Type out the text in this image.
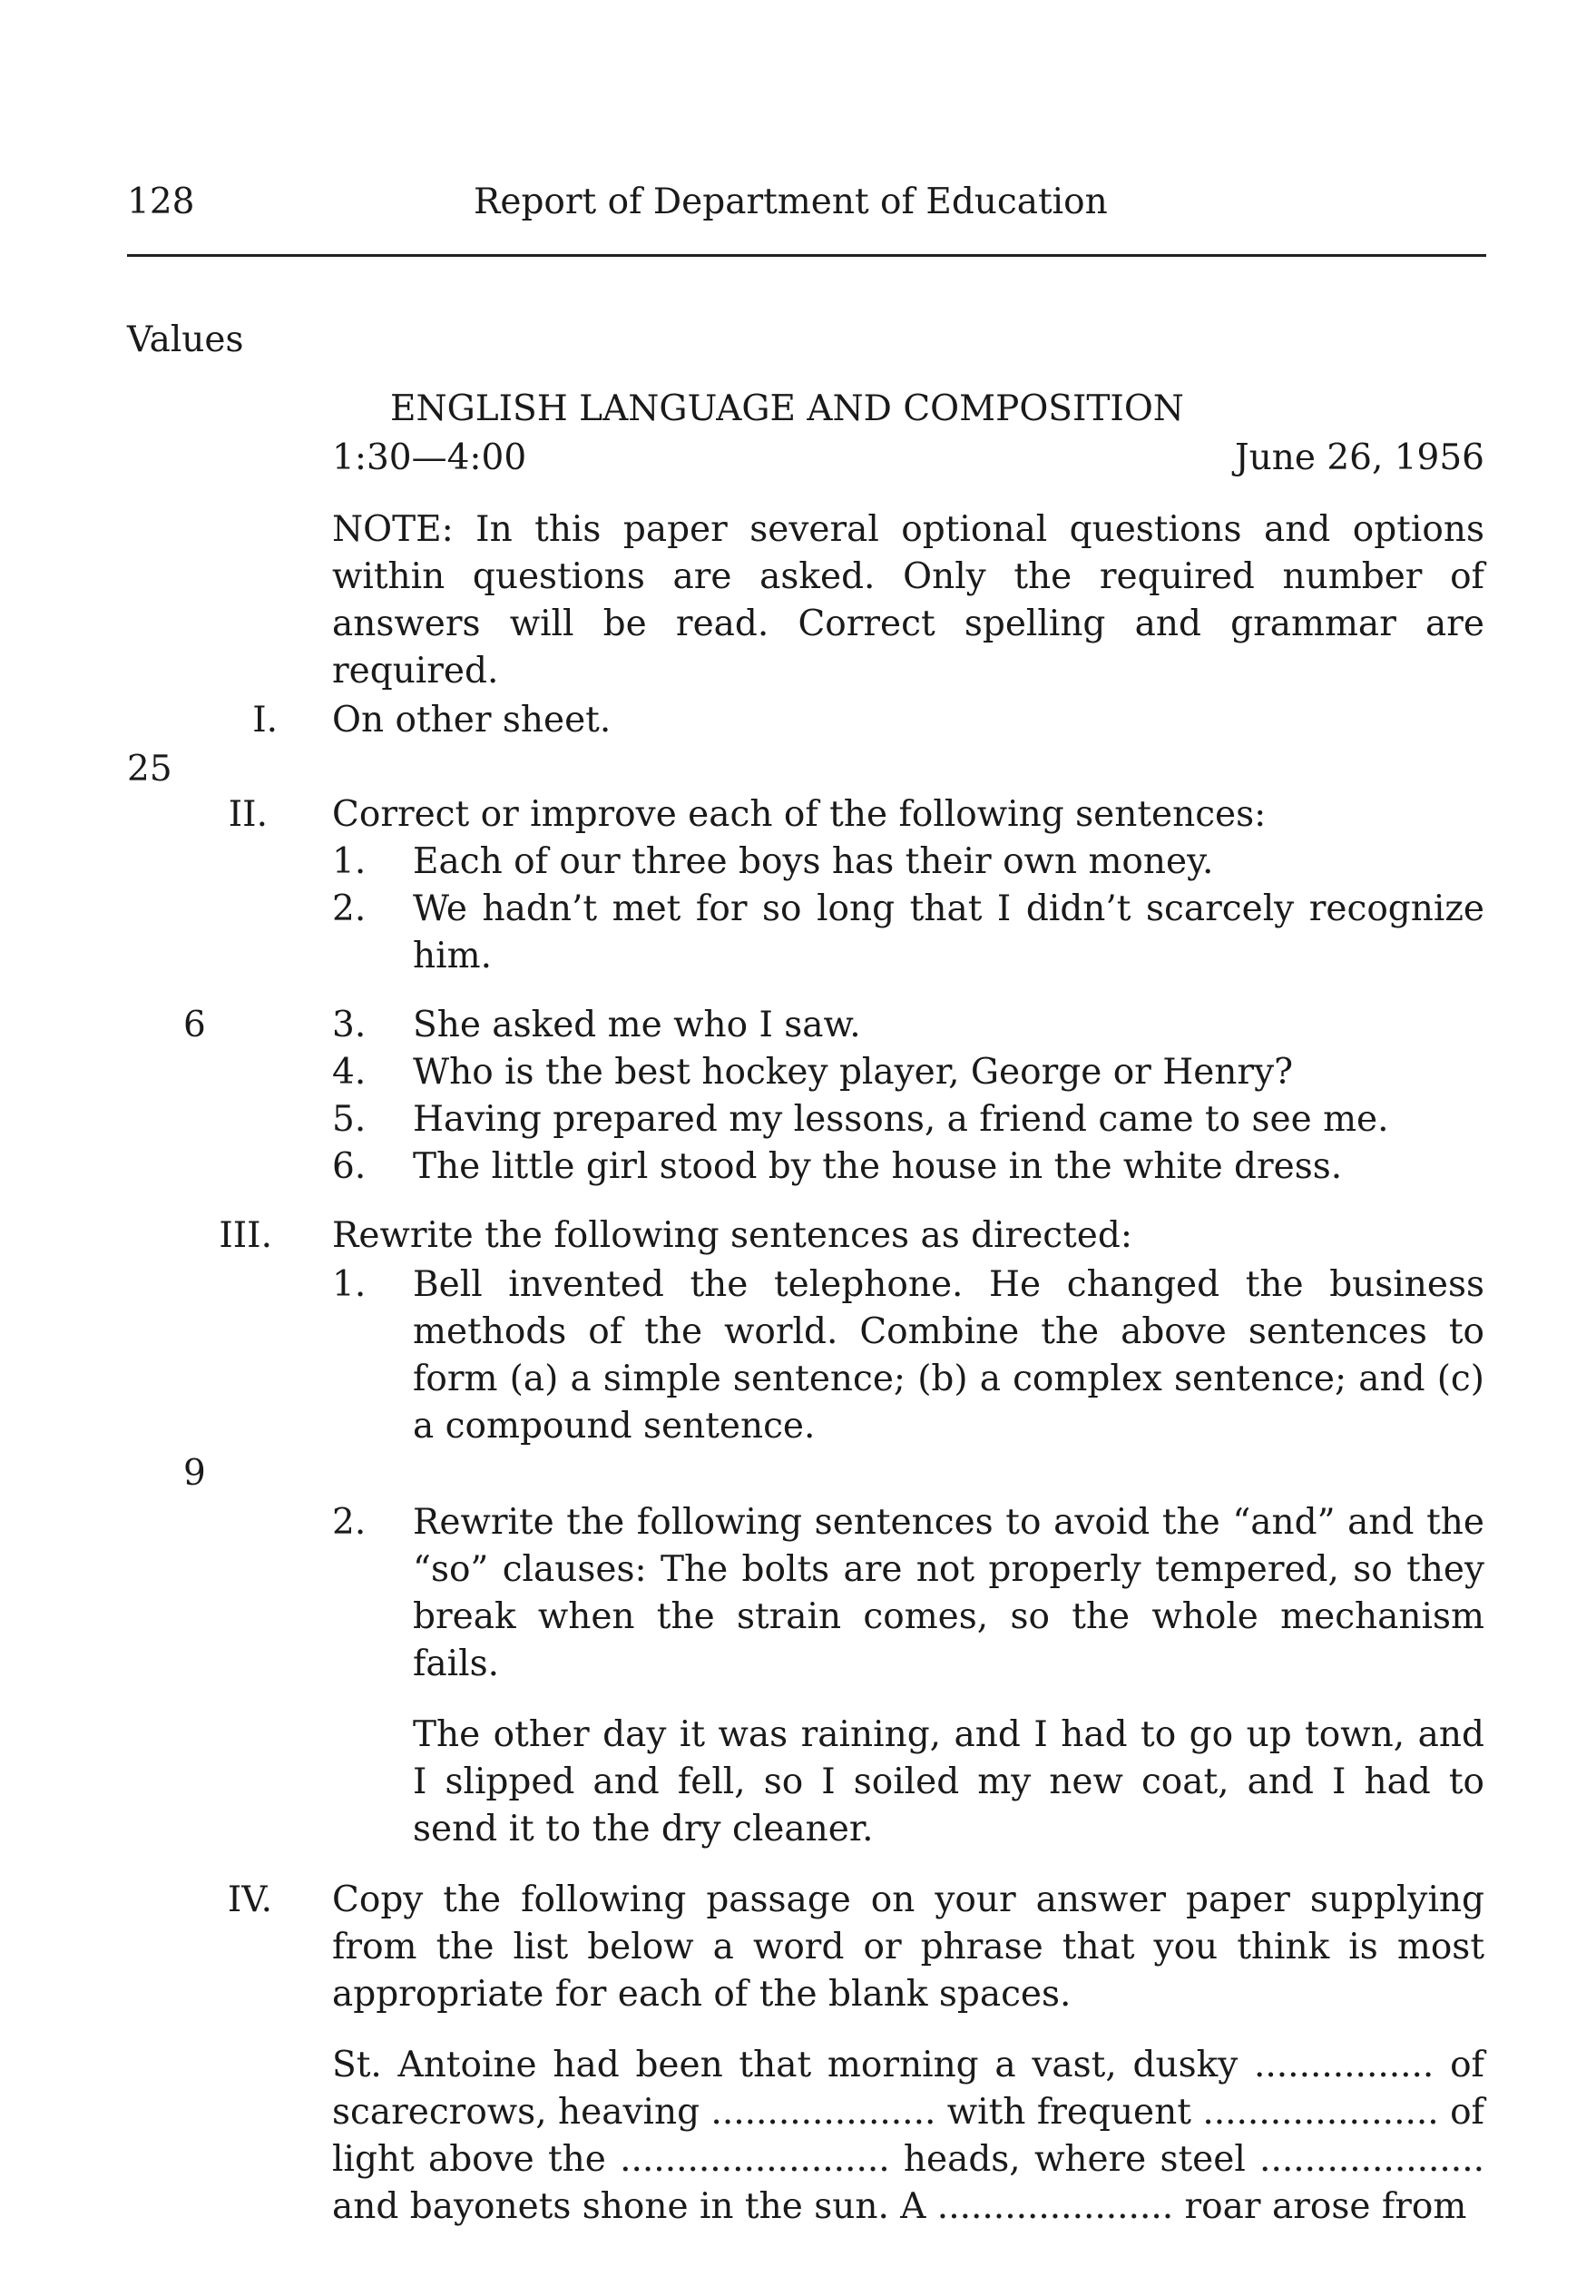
128	Report of Department of Education
Values
ENGLISH LANGUAGE AND COMPOSITION
1:30—4:00	June 26, 1956
NOTE: In this paper several optional questions and options within questions are asked. Only the required number of answers will be read. Correct spelling and grammar are required.
I. On other sheet.
25
II. Correct or improve each of the following sentences:
1.	Each of our three boys has their own money.
2.	We hadn’t met for so long that I didn’t scarcely recognize him.
6	3.	She asked me who I saw.
4.	Who is the best hockey player, George or Henry?
5.	Having prepared my lessons, a friend came to see me.
6.	The little girl stood by the house in the white dress.
III. Rewrite the following sentences as directed:
1.	Bell invented the telephone. He changed the business methods of the world. Combine the above sentences to form (a) a simple sentence; (b) a complex sentence; and (c) a compound sentence.
9
2.	Rewrite the following sentences to avoid the “and” and the “so” clauses: The bolts are not properly tempered, so they break when the strain comes, so the whole mechanism fails.
The other day it was raining, and I had to go up town, and I slipped and fell, so I soiled my new coat, and I had to send it to the dry cleaner.
IV. Copy the following passage on your answer paper supplying from the list below a word or phrase that you think is most appropriate for each of the blank spaces.
St. Antoine had been that morning a vast, dusky ................ of scarecrows, heaving .................... with frequent ..................... of light above the ........................ heads, where steel .................... and bayonets shone in the sun. A ..................... roar arose from
